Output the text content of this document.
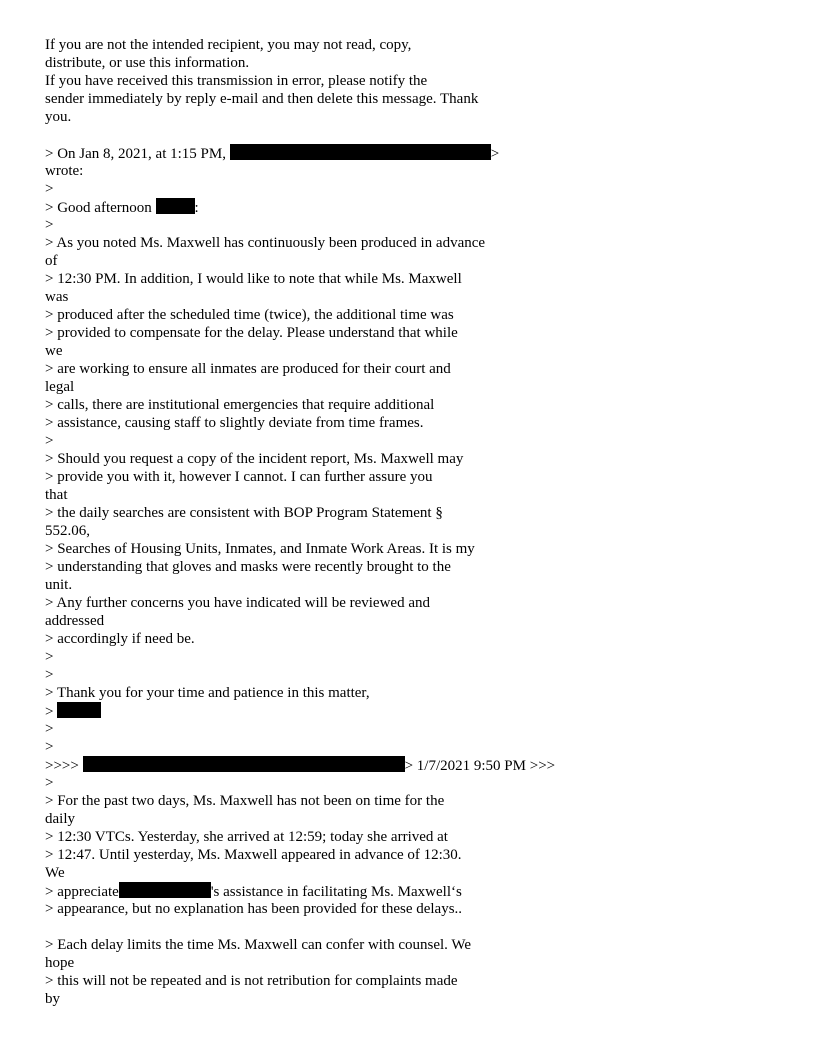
If you are not the intended recipient, you may not read, copy,
distribute, or use this information.
If you have received this transmission in error, please notify the
sender immediately by reply e-mail and then delete this message. Thank
you.
> On Jan 8, 2021, at 1:15 PM,	>
wrote:
>
> Good afternoon	:
>
> As you noted Ms. Maxwell has continuously been produced in advance
of
> 12:30 PM. In addition, I would like to note that while Ms. Maxwell
was
> produced after the scheduled time (twice), the additional time was
> provided to compensate for the delay. Please understand that while
we
> are working to ensure all inmates are produced for their court and
legal
> calls, there are institutional emergencies that require additional
> assistance, causing staff to slightly deviate from time frames.
>
> Should you request a copy of the incident report, Ms. Maxwell may
> provide you with it, however I cannot. I can further assure you
that
> the daily searches are consistent with BOP Program Statement §
552.06,
> Searches of Housing Units, Inmates, and Inmate Work Areas. It is my
> understanding that gloves and masks were recently brought to the
unit.
> Any further concerns you have indicated will be reviewed and
addressed
> accordingly if need be.
>
>
> Thank you for your time and patience in this matter,
>
>
>
>>>>	> 1/7/2021 9:50 PM >>>
>
> For the past two days, Ms. Maxwell has not been on time for the
daily
> 12:30 VTCs. Yesterday, she arrived at 12:59; today she arrived at
> 12:47. Until yesterday, Ms. Maxwell appeared in advance of 12:30.
We
> appreciate	's assistance in facilitating Ms. Maxwell‘s
> appearance, but no explanation has been provided for these delays..
> Each delay limits the time Ms. Maxwell can confer with counsel. We
hope
> this will not be repeated and is not retribution for complaints made
by
